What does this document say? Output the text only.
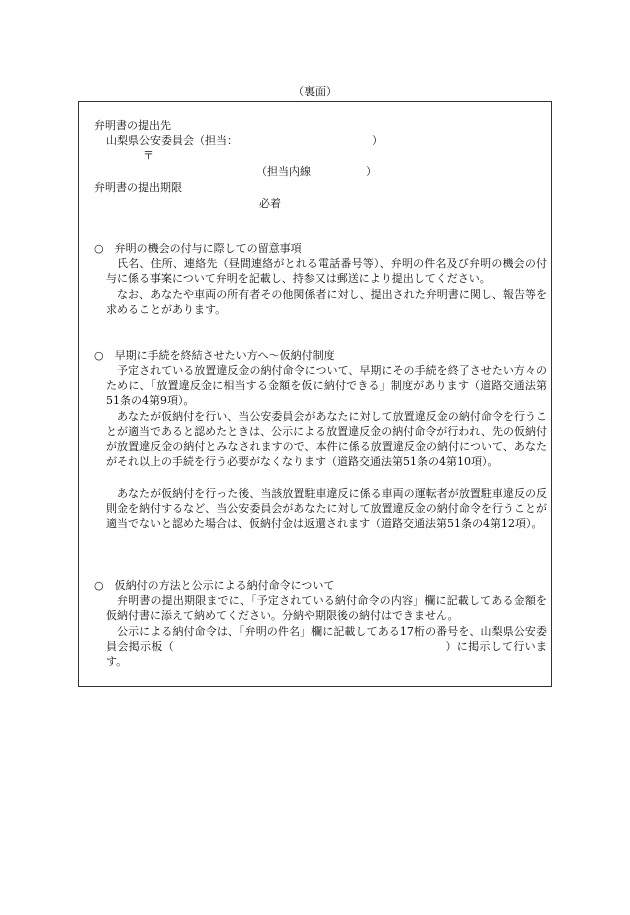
（裏面）
弁明書の提出先
山梨県公安委員会（担当：	）
〒
（担当内線　　　　　）
弁明書の提出期限
必着
○　弁明の機会の付与に際しての留意事項
氏名、住所、連絡先（昼間連絡がとれる電話番号等）、弁明の件名及び弁明の機会の付与に係る事案について弁明を記載し、持参又は郵送により提出してください。
なお、あなたや車両の所有者その他関係者に対し、提出された弁明書に関し、報告等を求めることがあります。
○　早期に手続を終結させたい方へ～仮納付制度
予定されている放置違反金の納付命令について、早期にその手続を終了させたい方々のために、「放置違反金に相当する金額を仮に納付できる」制度があります（道路交通法第51条の4第9項）。
あなたが仮納付を行い、当公安委員会があなたに対して放置違反金の納付命令を行うことが適当であると認めたときは、公示による放置違反金の納付命令が行われ、先の仮納付が放置違反金の納付とみなされますので、本件に係る放置違反金の納付について、あなたがそれ以上の手続を行う必要がなくなります（道路交通法第51条の4第10項）。
あなたが仮納付を行った後、当該放置駐車違反に係る車両の運転者が放置駐車違反の反則金を納付するなど、当公安委員会があなたに対して放置違反金の納付命令を行うことが適当でないと認めた場合は、仮納付金は返還されます（道路交通法第51条の4第12項）。
○　仮納付の方法と公示による納付命令について
弁明書の提出期限までに、「予定されている納付命令の内容」欄に記載してある金額を仮納付書に添えて納めてください。分納や期限後の納付はできません。
公示による納付命令は、「弁明の件名」欄に記載してある17桁の番号を、山梨県公安委員会掲示板（　　　　　　　　　　　　　　　　　　　　　　　　）に掲示して行います。
